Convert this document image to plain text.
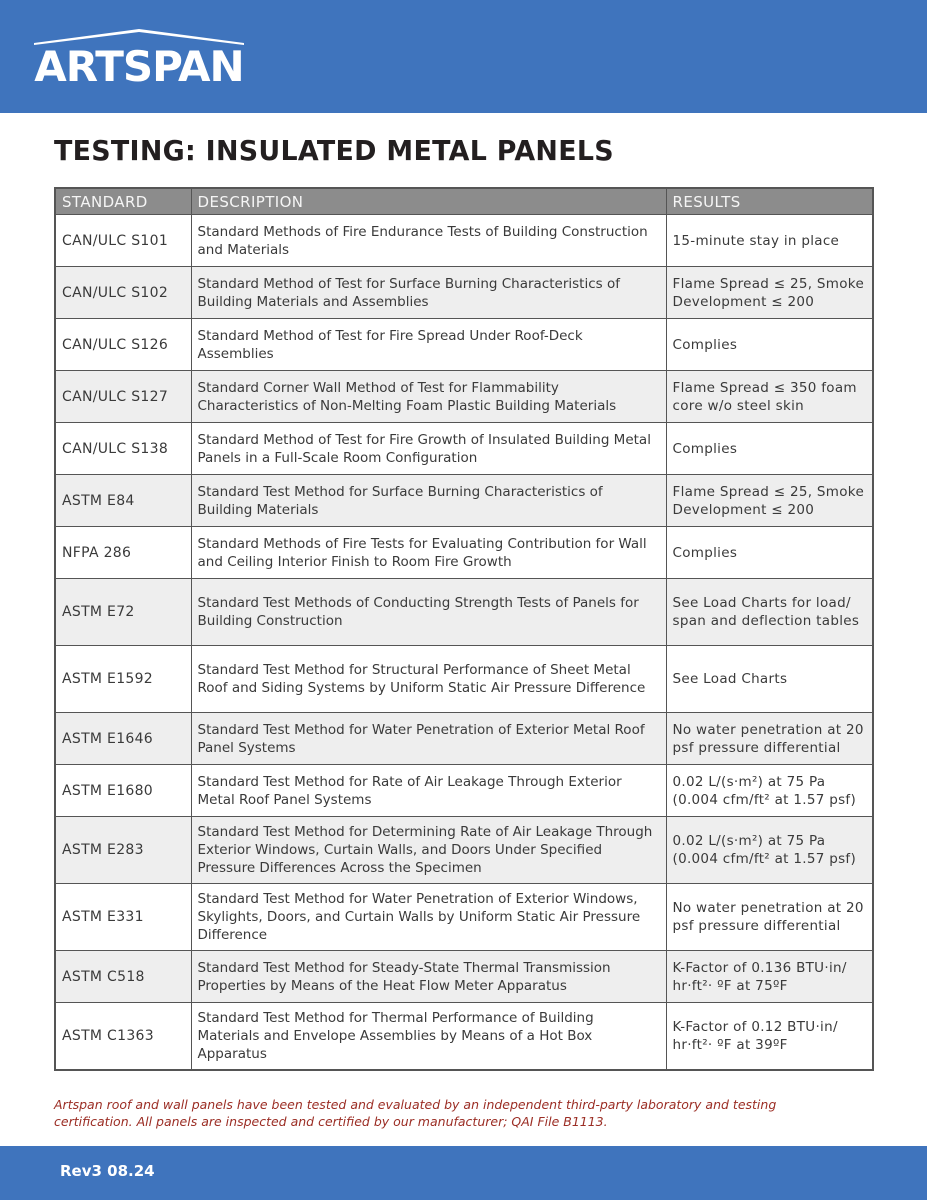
ARTSPAN
TESTING: INSULATED METAL PANELS
STANDARD	DESCRIPTION	RESULTS
CAN/ULC S101	Standard Methods of Fire Endurance Tests of Building Construction and Materials	15-minute stay in place
CAN/ULC S102	Standard Method of Test for Surface Burning Characteristics of Building Materials and Assemblies	Flame Spread ≤ 25, Smoke Development ≤ 200
CAN/ULC S126	Standard Method of Test for Fire Spread Under Roof-Deck Assemblies	Complies
CAN/ULC S127	Standard Corner Wall Method of Test for Flammability Characteristics of Non-Melting Foam Plastic Building Materials	Flame Spread ≤ 350 foam core w/o steel skin
CAN/ULC S138	Standard Method of Test for Fire Growth of Insulated Building Metal Panels in a Full-Scale Room Configuration	Complies
ASTM E84	Standard Test Method for Surface Burning Characteristics of Building Materials	Flame Spread ≤ 25, Smoke Development ≤ 200
NFPA 286	Standard Methods of Fire Tests for Evaluating Contribution for Wall and Ceiling Interior Finish to Room Fire Growth	Complies
ASTM E72	Standard Test Methods of Conducting Strength Tests of Panels for Building Construction	See Load Charts for load/ span and deflection tables
ASTM E1592	Standard Test Method for Structural Performance of Sheet Metal Roof and Siding Systems by Uniform Static Air Pressure Difference	See Load Charts
ASTM E1646	Standard Test Method for Water Penetration of Exterior Metal Roof Panel Systems	No water penetration at 20 psf pressure differential
ASTM E1680	Standard Test Method for Rate of Air Leakage Through Exterior Metal Roof Panel Systems	0.02 L/(s·m²) at 75 Pa (0.004 cfm/ft² at 1.57 psf)
ASTM E283	Standard Test Method for Determining Rate of Air Leakage Through Exterior Windows, Curtain Walls, and Doors Under Specified Pressure Differences Across the Specimen	0.02 L/(s·m²) at 75 Pa (0.004 cfm/ft² at 1.57 psf)
ASTM E331	Standard Test Method for Water Penetration of Exterior Windows, Skylights, Doors, and Curtain Walls by Uniform Static Air Pressure Difference	No water penetration at 20 psf pressure differential
ASTM C518	Standard Test Method for Steady-State Thermal Transmission Properties by Means of the Heat Flow Meter Apparatus	K-Factor of 0.136 BTU·in/ hr·ft²· ºF at 75ºF
ASTM C1363	Standard Test Method for Thermal Performance of Building Materials and Envelope Assemblies by Means of a Hot Box Apparatus	K-Factor of 0.12 BTU·in/ hr·ft²· ºF at 39ºF

Artspan roof and wall panels have been tested and evaluated by an independent third-party laboratory and testing certification. All panels are inspected and certified by our manufacturer; QAI File B1113.

Rev3 08.24
